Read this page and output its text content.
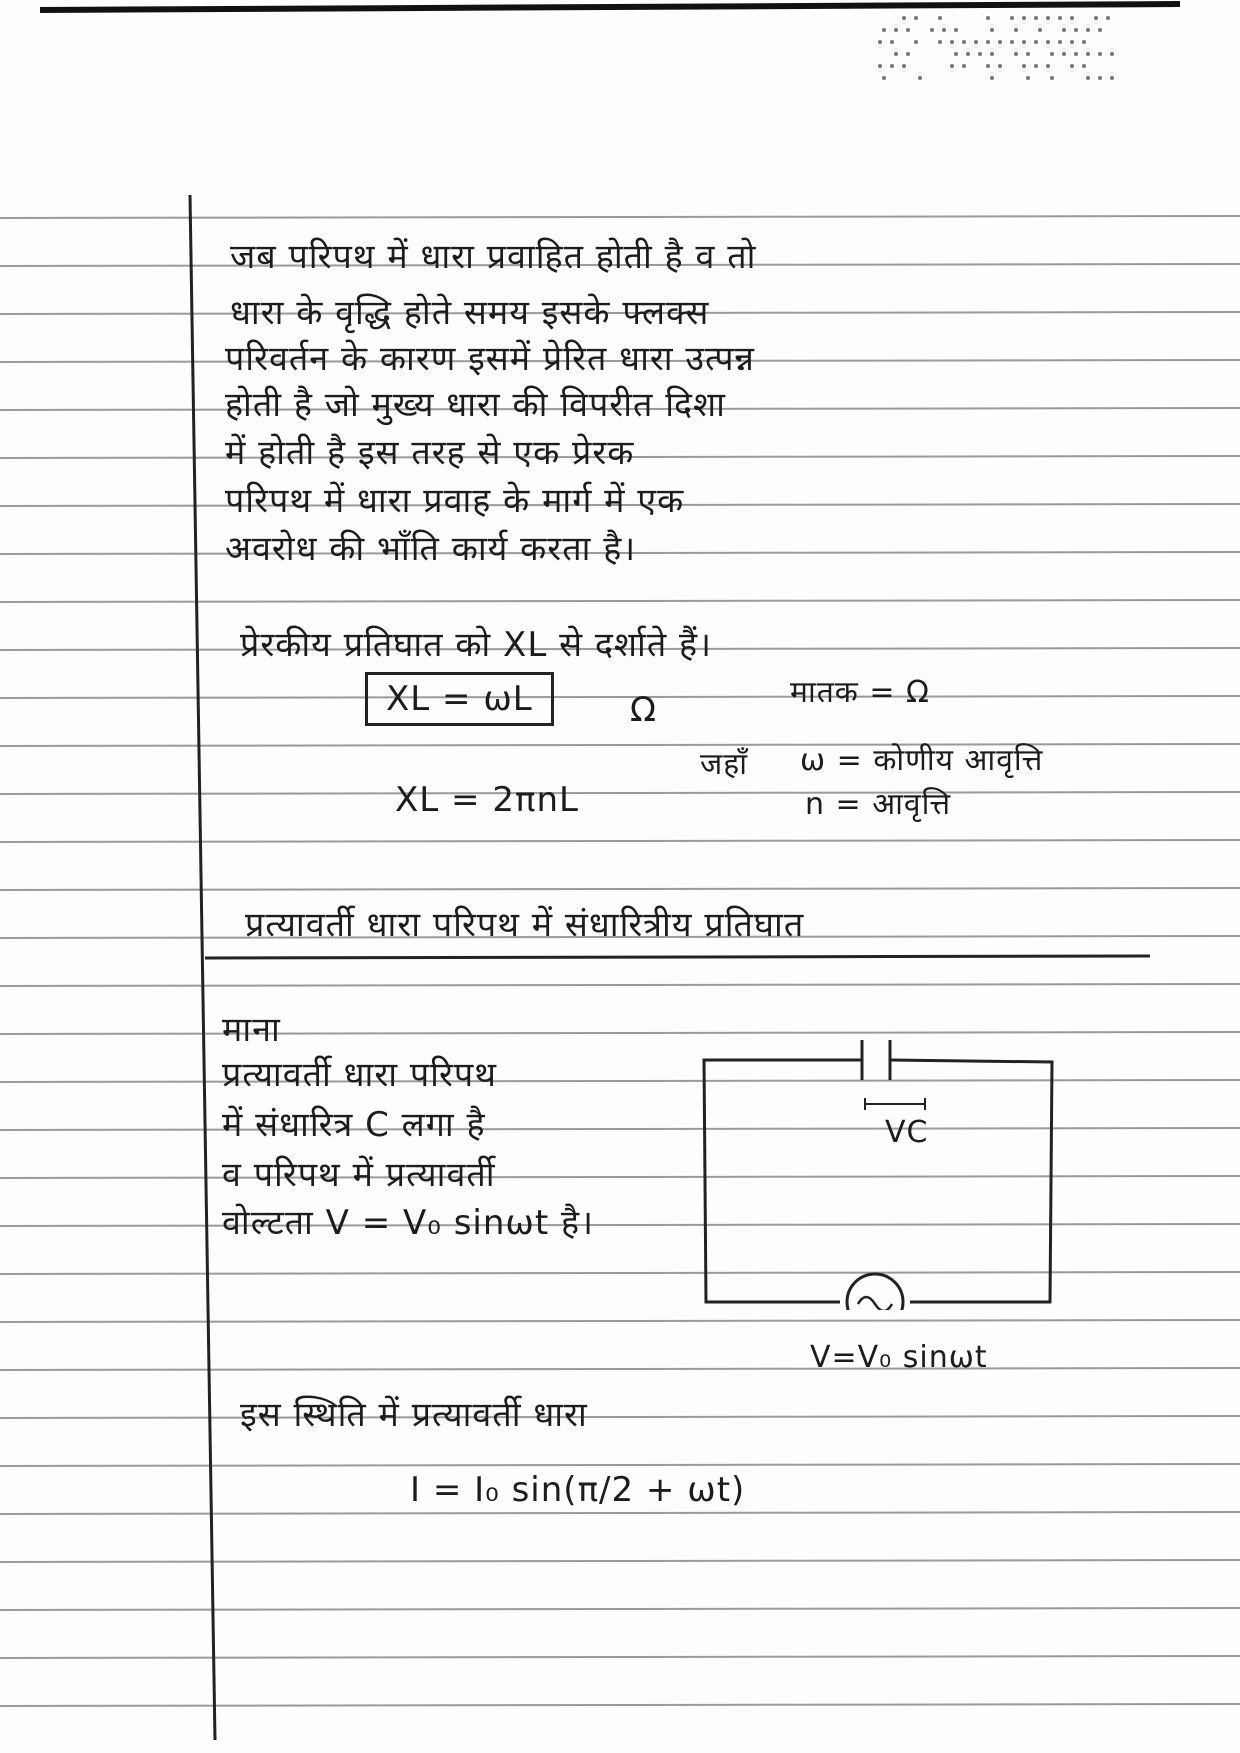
जब परिपथ में धारा प्रवाहित होती है व तो
धारा के वृद्धि होते समय इसके फ्लक्स
परिवर्तन के कारण इसमें प्रेरित धारा उत्पन्न
होती है जो मुख्य धारा की विपरीत दिशा
में होती है इस तरह से एक प्रेरक
परिपथ में धारा प्रवाह के मार्ग में एक
अवरोध की भाँति कार्य करता है।
प्रेरकीय प्रतिघात को XL से दर्शाते हैं।
XL = ωL	Ω	मातक = Ω
जहाँ ω = कोणीय आवृत्ति
XL = 2πnL	n = आवृत्ति
प्रत्यावर्ती धारा परिपथ में संधारित्रीय प्रतिघात
माना
प्रत्यावर्ती धारा परिपथ
में संधारित्र C लगा है
व परिपथ में प्रत्यावर्ती
वोल्टता V = V₀ sinωt है।
VC
V=V₀ sinωt
इस स्थिति में प्रत्यावर्ती धारा
I = I₀ sin(π/2 + ωt)
